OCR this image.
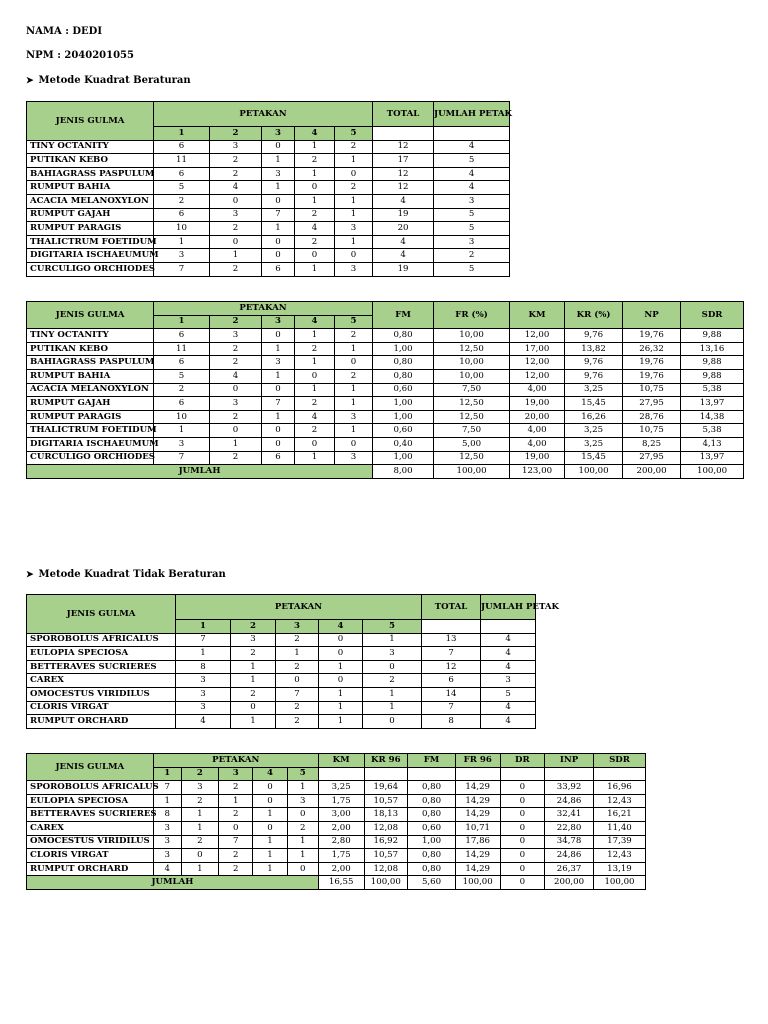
NAMA : DEDI
NPM : 2040201055
➤ Metode Kuadrat Beraturan
JENIS GULMA	PETAKAN					TOTAL	JUMLAH PETAK
	1	2	3	4	5		
TINY OCTANITY	6	3	0	1	2	12	4
PUTIKAN KEBO	11	2	1	2	1	17	5
BAHIAGRASS PASPULUM	6	2	3	1	0	12	4
RUMPUT BAHIA	5	4	1	0	2	12	4
ACACIA MELANOXYLON	2	0	0	1	1	4	3
RUMPUT GAJAH	6	3	7	2	1	19	5
RUMPUT PARAGIS	10	2	1	4	3	20	5
THALICTRUM FOETIDUM	1	0	0	2	1	4	3
DIGITARIA ISCHAEUMUM	3	1	0	0	0	4	2
CURCULIGO ORCHIODES	7	2	6	1	3	19	5
JENIS GULMA	PETAKAN					FM	FR (%)	KM	KR (%)	NP	SDR
	1	2	3	4	5						
TINY OCTANITY	6	3	0	1	2	0,80	10,00	12,00	9,76	19,76	9,88
PUTIKAN KEBO	11	2	1	2	1	1,00	12,50	17,00	13,82	26,32	13,16
BAHIAGRASS PASPULUM	6	2	3	1	0	0,80	10,00	12,00	9,76	19,76	9,88
RUMPUT BAHIA	5	4	1	0	2	0,80	10,00	12,00	9,76	19,76	9,88
ACACIA MELANOXYLON	2	0	0	1	1	0,60	7,50	4,00	3,25	10,75	5,38
RUMPUT GAJAH	6	3	7	2	1	1,00	12,50	19,00	15,45	27,95	13,97
RUMPUT PARAGIS	10	2	1	4	3	1,00	12,50	20,00	16,26	28,76	14,38
THALICTRUM FOETIDUM	1	0	0	2	1	0,60	7,50	4,00	3,25	10,75	5,38
DIGITARIA ISCHAEUMUM	3	1	0	0	0	0,40	5,00	4,00	3,25	8,25	4,13
CURCULIGO ORCHIODES	7	2	6	1	3	1,00	12,50	19,00	15,45	27,95	13,97
JUMLAH						8,00	100,00	123,00	100,00	200,00	100,00
➤ Metode Kuadrat Tidak Beraturan
JENIS GULMA	PETAKAN					TOTAL	JUMLAH PETAK
	1	2	3	4	5		
SPOROBOLUS AFRICALUS	7	3	2	0	1	13	4
EULOPIA SPECIOSA	1	2	1	0	3	7	4
BETTERAVES SUCRIERES	8	1	2	1	0	12	4
CAREX	3	1	0	0	2	6	3
OMOCESTUS VIRIDILUS	3	2	7	1	1	14	5
CLORIS VIRGAT	3	0	2	1	1	7	4
RUMPUT ORCHARD	4	1	2	1	0	8	4
JENIS GULMA	PETAKAN					KM	KR 96	FM	FR 96	DR	INP	SDR
	1	2	3	4	5							
SPOROBOLUS AFRICALUS	7	3	2	0	1	3,25	19,64	0,80	14,29	0	33,92	16,96
EULOPIA SPECIOSA	1	2	1	0	3	1,75	10,57	0,80	14,29	0	24,86	12,43
BETTERAVES SUCRIERES	8	1	2	1	0	3,00	18,13	0,80	14,29	0	32,41	16,21
CAREX	3	1	0	0	2	2,00	12,08	0,60	10,71	0	22,80	11,40
OMOCESTUS VIRIDILUS	3	2	7	1	1	2,80	16,92	1,00	17,86	0	34,78	17,39
CLORIS VIRGAT	3	0	2	1	1	1,75	10,57	0,80	14,29	0	24,86	12,43
RUMPUT ORCHARD	4	1	2	1	0	2,00	12,08	0,80	14,29	0	26,37	13,19
JUMLAH						16,55	100,00	5,60	100,00	0	200,00	100,00
